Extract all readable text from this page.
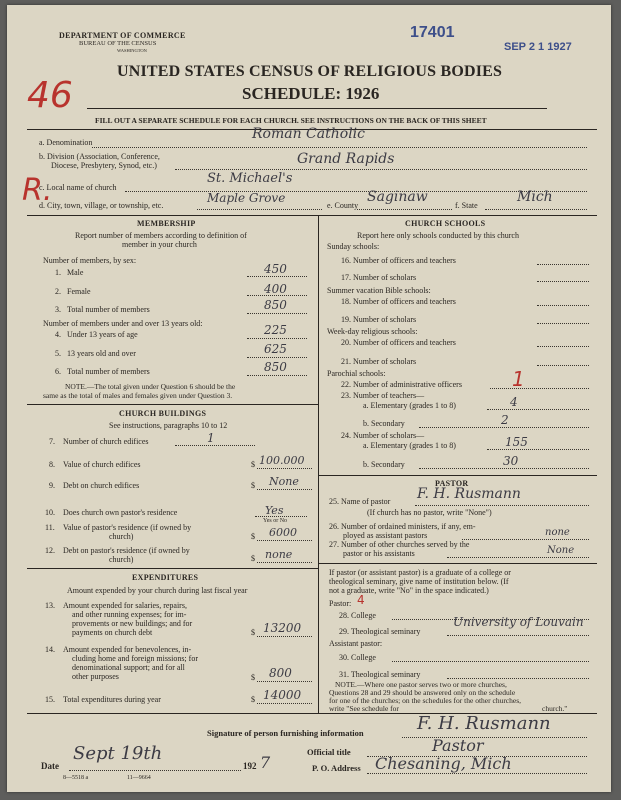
DEPARTMENT OF COMMERCE
BUREAU OF THE CENSUS
WASHINGTON
17401
SEP 2 1 1927
46
R.
UNITED STATES CENSUS OF RELIGIOUS BODIES
SCHEDULE: 1926
FILL OUT A SEPARATE SCHEDULE FOR EACH CHURCH. SEE INSTRUCTIONS ON THE BACK OF THIS SHEET
a. Denomination
Roman Catholic
b. Division (Association, Conference,
Diocese, Presbytery, Synod, etc.)	Grand Rapids
c. Local name of church
St. Michael's
d. City, town, village, or township, etc.
Maple Grove
e. County
Saginaw
f. State
Mich
MEMBERSHIP
Report number of members according to definition of
member in your church
Number of members, by sex:
1. Male	450
2. Female	400
3. Total number of members	850
Number of members under and over 13 years old:
4. Under 13 years of age	225
5. 13 years old and over	625
6. Total number of members	850
NOTE.—The total given under Question 6 should be the
same as the total of males and females given under Question 3.
CHURCH BUILDINGS
See instructions, paragraphs 10 to 12
7. Number of church edifices	1
8. Value of church edifices	$ 100.000
9. Debt on church edifices	$ None
10. Does church own pastor's residence	Yes
Yes or No
11. Value of pastor's residence (if owned by
church)	$ 6000
12. Debt on pastor's residence (if owned by
church)	$ none
EXPENDITURES
Amount expended by your church during last fiscal year
13. Amount expended for salaries, repairs,
and other running expenses; for im-
provements or new buildings; and for
payments on church debt	$ 13200
14. Amount expended for benevolences, in-
cluding home and foreign missions; for
denominational support; and for all
other purposes	$ 800
15. Total expenditures during year	$ 14000
CHURCH SCHOOLS
Report here only schools conducted by this church
Sunday schools:
16. Number of officers and teachers
17. Number of scholars
Summer vacation Bible schools:
18. Number of officers and teachers
19. Number of scholars
Week-day religious schools:
20. Number of officers and teachers
21. Number of scholars
Parochial schools:
22. Number of administrative officers	1
23. Number of teachers—
a. Elementary (grades 1 to 8)	4
b. Secondary	2
24. Number of scholars—
a. Elementary (grades 1 to 8)	155
b. Secondary	30
PASTOR
25. Name of pastor F. H. Rusmann
(If church has no pastor, write "None")
26. Number of ordained ministers, if any, em-
ployed as assistant pastors	none
27. Number of other churches served by the
pastor or his assistants	None
If pastor (or assistant pastor) is a graduate of a college or
theological seminary, give name of institution below. (If
not a graduate, write "No" in the space indicated.)
Pastor: 4
28. College
29. Theological seminary
University of Louvain
Assistant pastor:
30. College
31. Theological seminary
NOTE.—Where one pastor serves two or more churches,
Questions 28 and 29 should be answered only on the schedule
for one of the churches; on the schedules for the other churches,
write "See schedule for	church."
Signature of person furnishing information	F. H. Rusmann
Official title	Pastor
Date
Sept 19th
192 7	P. O. Address Chesaning, Mich
8—5518 a	11—9664
